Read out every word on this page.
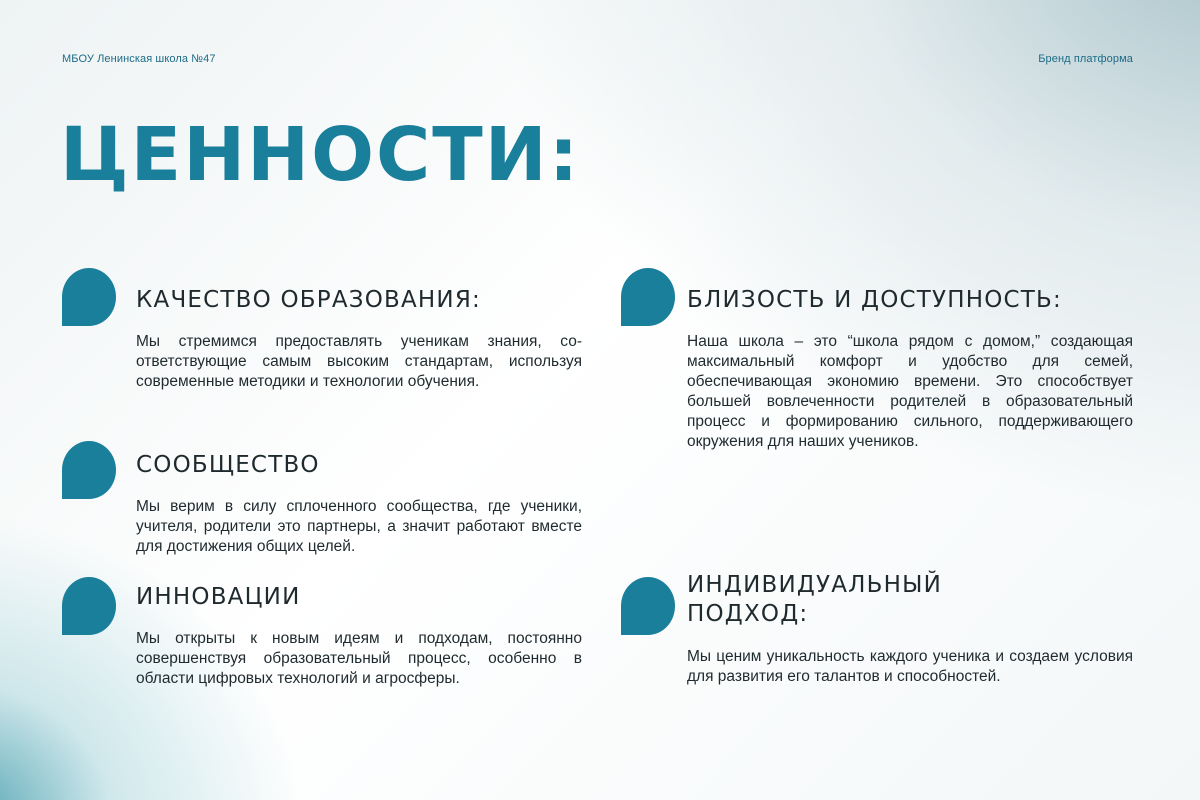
МБОУ Ленинская школа №47	Бренд платформа
ЦЕННОСТИ:
КАЧЕСТВО ОБРАЗОВАНИЯ:

Мы стремимся предоставлять ученикам знания, соответствующие самым высоким стандартам, используя современные методики и технологии обучения.

СООБЩЕСТВО

Мы верим в силу сплоченного сообщества, где ученики, учителя, родители это партнеры, а значит работают вместе для достижения общих целей.

ИННОВАЦИИ

Мы открыты к новым идеям и подходам, постоянно совершенствуя образовательный процесс, особенно в области цифровых технологий и агросферы.

БЛИЗОСТЬ И ДОСТУПНОСТЬ:

Наша школа – это “школа рядом с домом,” создающая максимальный комфорт и удобство для семей, обеспечивающая экономию времени. Это способствует большей вовлеченности родителей в образовательный процесс и формированию сильного, поддерживающего окружения для наших учеников.

ИНДИВИДУАЛЬНЫЙ
ПОДХОД:

Мы ценим уникальность каждого ученика и создаем условия для развития его талантов и способностей.
